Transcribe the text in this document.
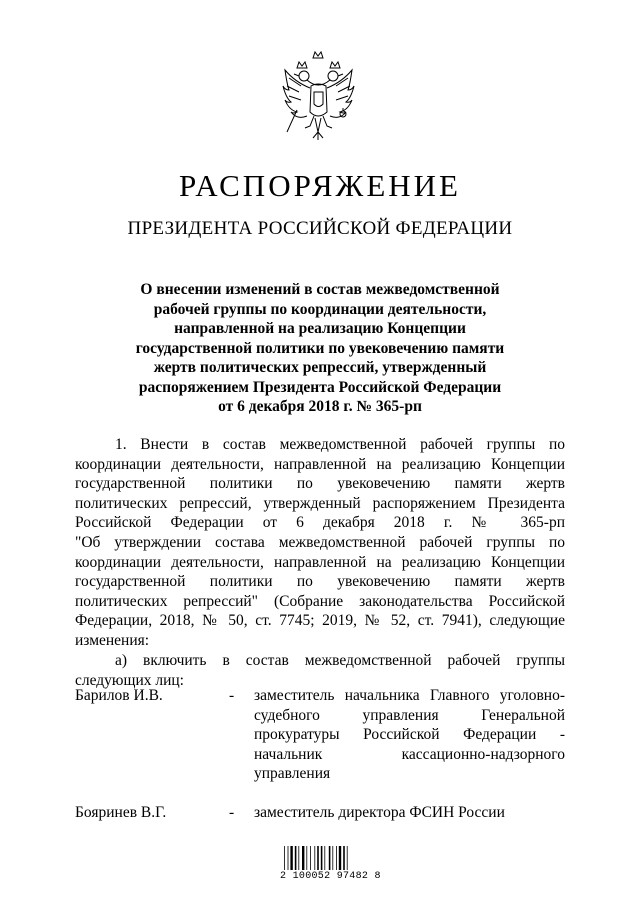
РАСПОРЯЖЕНИЕ
ПРЕЗИДЕНТА РОССИЙСКОЙ ФЕДЕРАЦИИ
О внесении изменений в состав межведомственной
рабочей группы по координации деятельности,
направленной на реализацию Концепции
государственной политики по увековечению памяти
жертв политических репрессий, утвержденный
распоряжением Президента Российской Федерации
от 6 декабря 2018 г. № 365-рп
1. Внести в состав межведомственной рабочей группы по
координации деятельности, направленной на реализацию Концепции
государственной политики по увековечению памяти жертв
политических репрессий, утвержденный распоряжением Президента
Российской Федерации от 6 декабря 2018 г. № 365-рп
"Об утверждении состава межведомственной рабочей группы по
координации деятельности, направленной на реализацию Концепции
государственной политики по увековечению памяти жертв
политических репрессий" (Собрание законодательства Российской
Федерации, 2018, № 50, ст. 7745; 2019, № 52, ст. 7941), следующие
изменения:
а) включить в состав межведомственной рабочей группы
следующих лиц:
Барилов И.В.	- заместитель начальника Главного уголовно-
судебного управления Генеральной
прокуратуры Российской Федерации -
начальник кассационно-надзорного
управления
Бояринев В.Г.	- заместитель директора ФСИН России
2 100052 97482 8
